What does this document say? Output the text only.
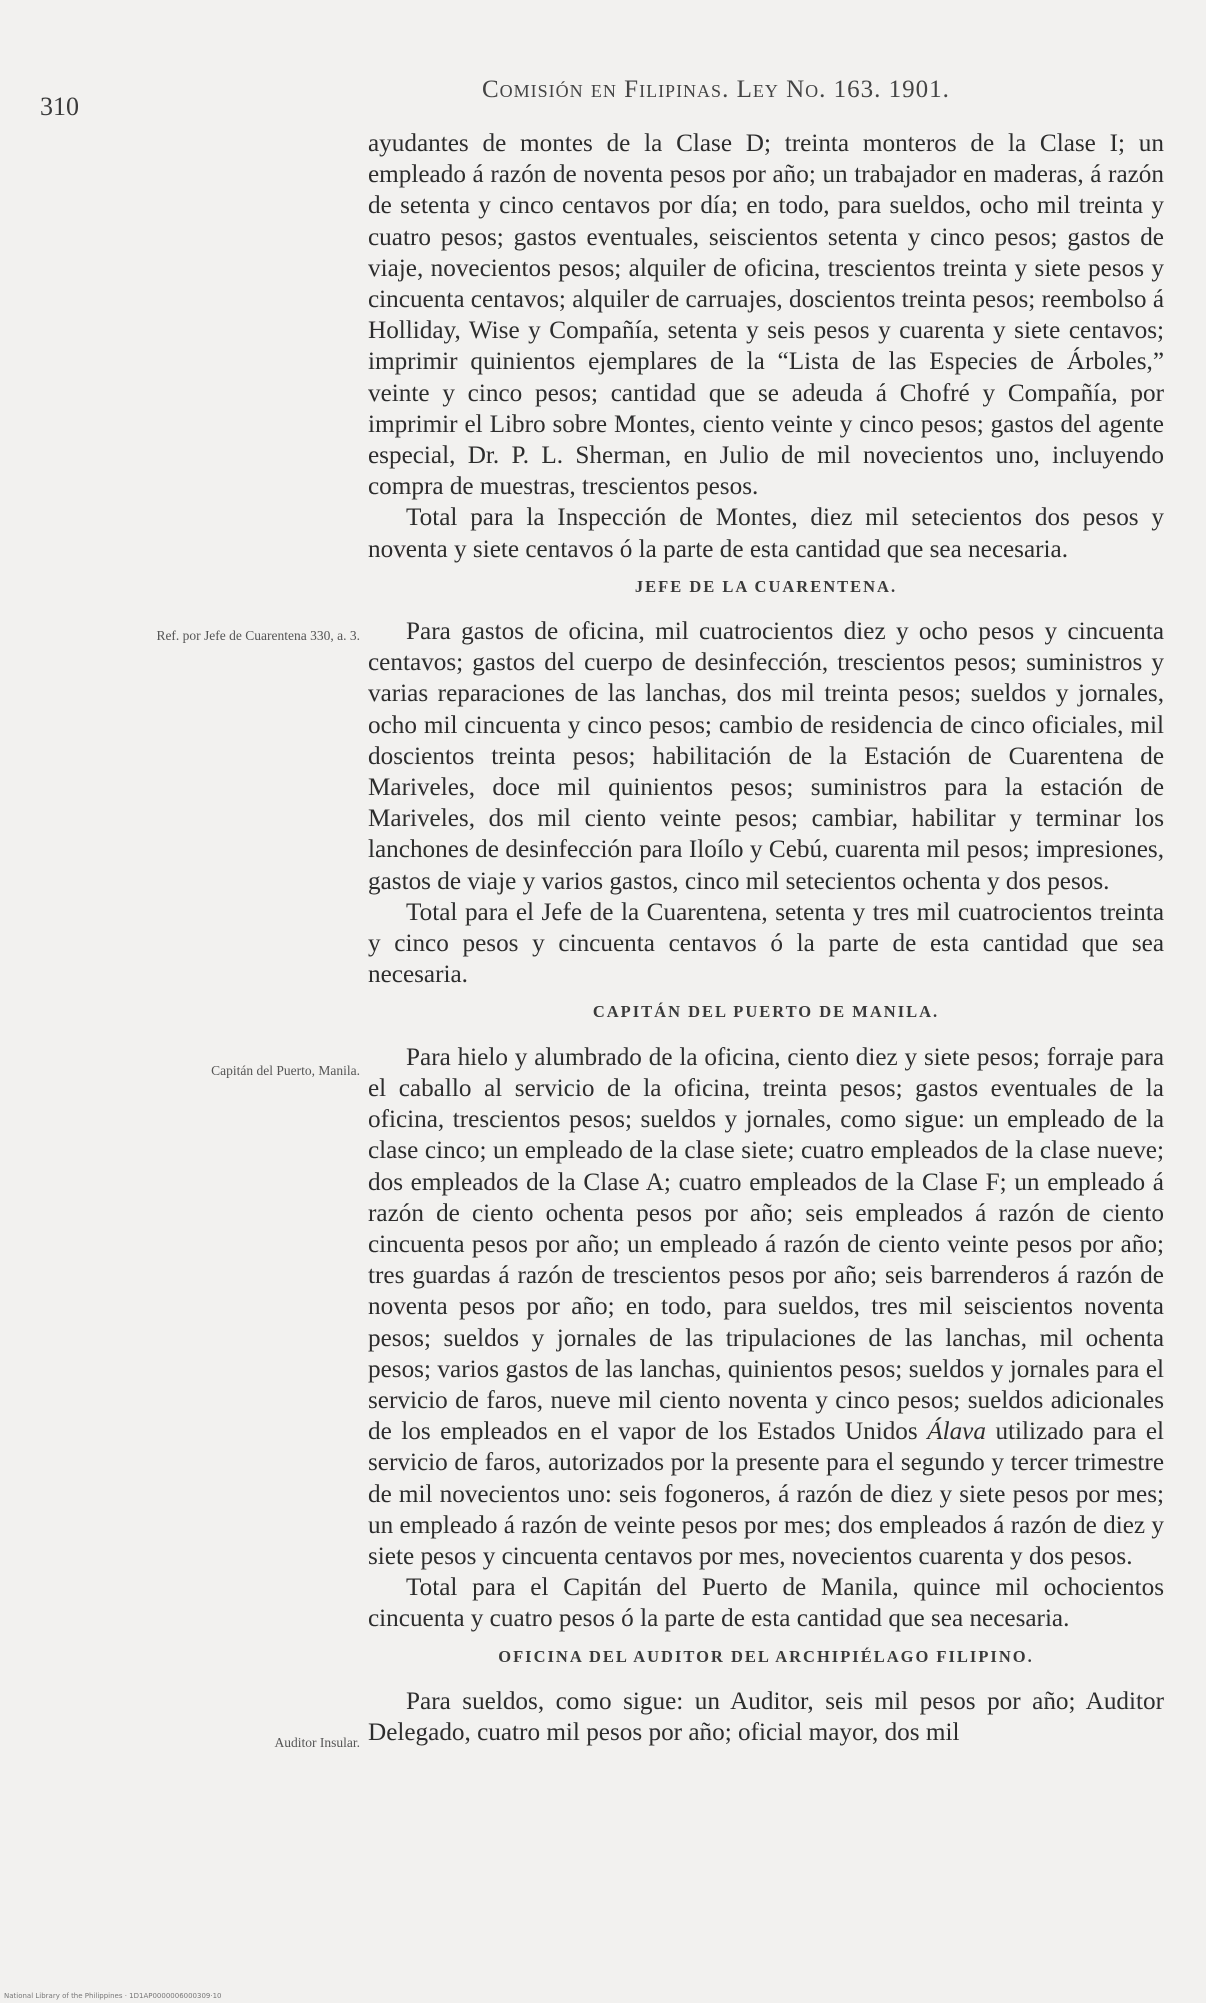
310
Comisión en Filipinas. Ley No. 163. 1901.
Ref. por Jefe de Cuarentena 330, a. 3.
Capitán del Puerto, Manila.
Auditor Insular.

ayudantes de montes de la Clase D; treinta monteros de la Clase I; un empleado á razón de noventa pesos por año; un trabajador en maderas, á razón de setenta y cinco centavos por día; en todo, para sueldos, ocho mil treinta y cuatro pesos; gastos eventuales, seiscientos setenta y cinco pesos; gastos de viaje, novecientos pesos; alquiler de oficina, trescientos treinta y siete pesos y cincuenta centavos; alquiler de carruajes, doscientos treinta pesos; reembolso á Holliday, Wise y Compañía, setenta y seis pesos y cuarenta y siete centavos; imprimir quinientos ejemplares de la “Lista de las Especies de Árboles,” veinte y cinco pesos; cantidad que se adeuda á Chofré y Compañía, por imprimir el Libro sobre Montes, ciento veinte y cinco pesos; gastos del agente especial, Dr. P. L. Sherman, en Julio de mil novecientos uno, incluyendo compra de muestras, trescientos pesos.

Total para la Inspección de Montes, diez mil setecientos dos pesos y noventa y siete centavos ó la parte de esta cantidad que sea necesaria.

JEFE DE LA CUARENTENA.

Para gastos de oficina, mil cuatrocientos diez y ocho pesos y cincuenta centavos; gastos del cuerpo de desinfección, trescientos pesos; suministros y varias reparaciones de las lanchas, dos mil treinta pesos; sueldos y jornales, ocho mil cincuenta y cinco pesos; cambio de residencia de cinco oficiales, mil doscientos treinta pesos; habilitación de la Estación de Cuarentena de Mariveles, doce mil quinientos pesos; suministros para la estación de Mariveles, dos mil ciento veinte pesos; cambiar, habilitar y terminar los lanchones de desinfección para Iloílo y Cebú, cuarenta mil pesos; impresiones, gastos de viaje y varios gastos, cinco mil setecientos ochenta y dos pesos.

Total para el Jefe de la Cuarentena, setenta y tres mil cuatrocientos treinta y cinco pesos y cincuenta centavos ó la parte de esta cantidad que sea necesaria.

CAPITÁN DEL PUERTO DE MANILA.

Para hielo y alumbrado de la oficina, ciento diez y siete pesos; forraje para el caballo al servicio de la oficina, treinta pesos; gastos eventuales de la oficina, trescientos pesos; sueldos y jornales, como sigue: un empleado de la clase cinco; un empleado de la clase siete; cuatro empleados de la clase nueve; dos empleados de la Clase A; cuatro empleados de la Clase F; un empleado á razón de ciento ochenta pesos por año; seis empleados á razón de ciento cincuenta pesos por año; un empleado á razón de ciento veinte pesos por año; tres guardas á razón de trescientos pesos por año; seis barrenderos á razón de noventa pesos por año; en todo, para sueldos, tres mil seiscientos noventa pesos; sueldos y jornales de las tripulaciones de las lanchas, mil ochenta pesos; varios gastos de las lanchas, quinientos pesos; sueldos y jornales para el servicio de faros, nueve mil ciento noventa y cinco pesos; sueldos adicionales de los empleados en el vapor de los Estados Unidos Álava utilizado para el servicio de faros, autorizados por la presente para el segundo y tercer trimestre de mil novecientos uno: seis fogoneros, á razón de diez y siete pesos por mes; un empleado á razón de veinte pesos por mes; dos empleados á razón de diez y siete pesos y cincuenta centavos por mes, novecientos cuarenta y dos pesos.

Total para el Capitán del Puerto de Manila, quince mil ochocientos cincuenta y cuatro pesos ó la parte de esta cantidad que sea necesaria.

OFICINA DEL AUDITOR DEL ARCHIPIÉLAGO FILIPINO.

Para sueldos, como sigue: un Auditor, seis mil pesos por año; Auditor Delegado, cuatro mil pesos por año; oficial mayor, dos mil

National Library of the Philippines · 1D1AP0000006000309·10
